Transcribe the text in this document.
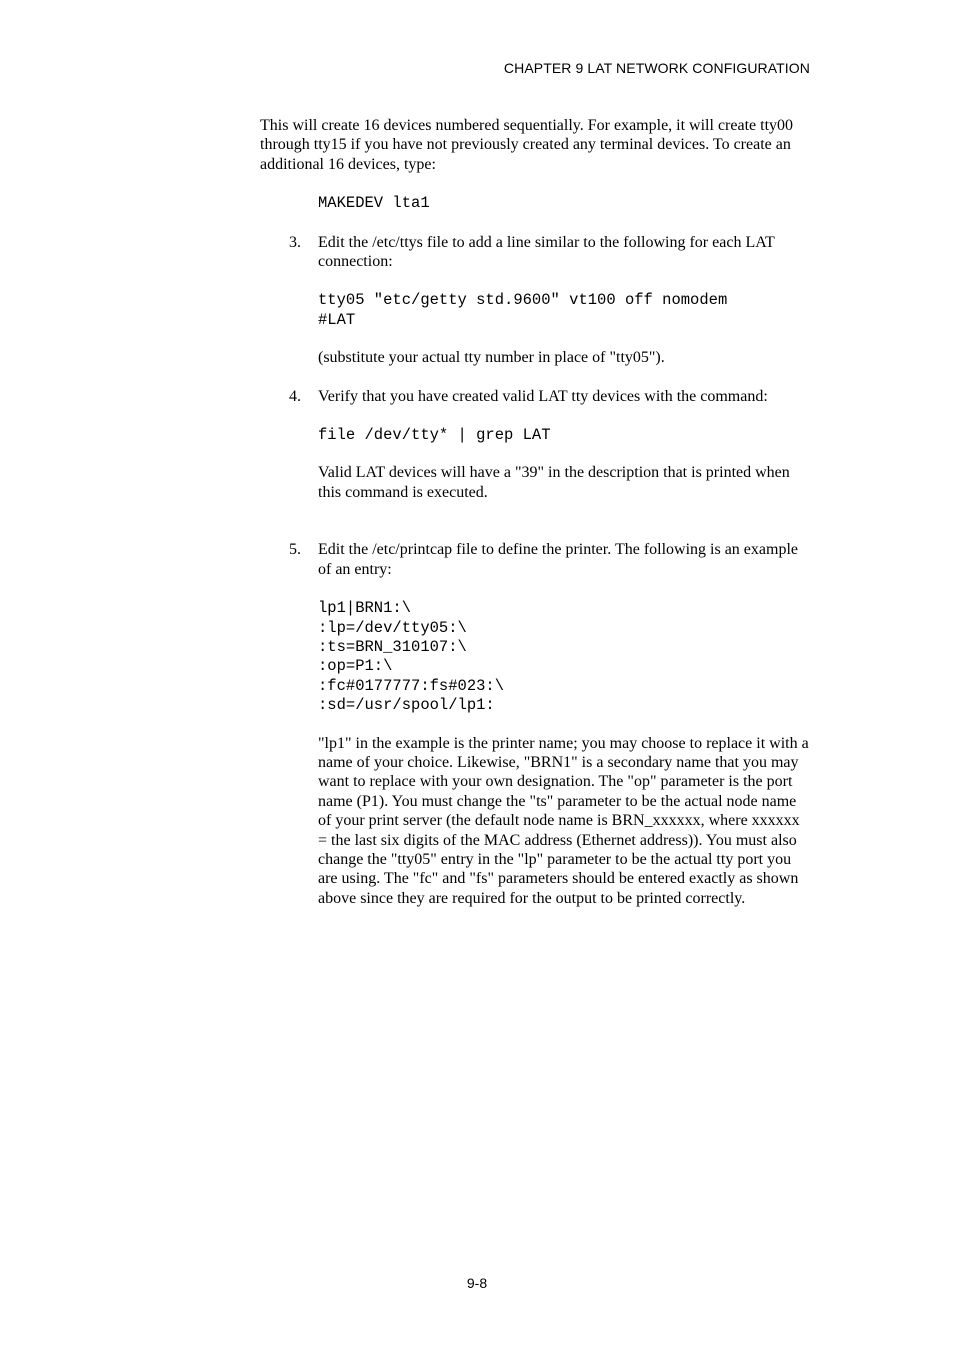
CHAPTER 9 LAT NETWORK CONFIGURATION

This will create 16 devices numbered sequentially. For example, it will create tty00 through tty15 if you have not previously created any terminal devices. To create an additional 16 devices, type:

MAKEDEV lta1
3. Edit the /etc/ttys file to add a line similar to the following for each LAT connection:

tty05 "etc/getty std.9600" vt100 off nomodem
#LAT

(substitute your actual tty number in place of "tty05").

4. Verify that you have created valid LAT tty devices with the command:

file /dev/tty* | grep LAT

Valid LAT devices will have a "39" in the description that is printed when this command is executed.

5. Edit the /etc/printcap file to define the printer. The following is an example of an entry:

lp1|BRN1:\
:lp=/dev/tty05:\
:ts=BRN_310107:\
:op=P1:\
:fc#0177777:fs#023:\
:sd=/usr/spool/lp1:

"lp1" in the example is the printer name; you may choose to replace it with a name of your choice. Likewise, "BRN1" is a secondary name that you may want to replace with your own designation. The "op" parameter is the port name (P1). You must change the "ts" parameter to be the actual node name of your print server (the default node name is BRN_xxxxxx, where xxxxxx = the last six digits of the MAC address (Ethernet address)). You must also change the "tty05" entry in the "lp" parameter to be the actual tty port you are using. The "fc" and "fs" parameters should be entered exactly as shown above since they are required for the output to be printed correctly.

9-8
